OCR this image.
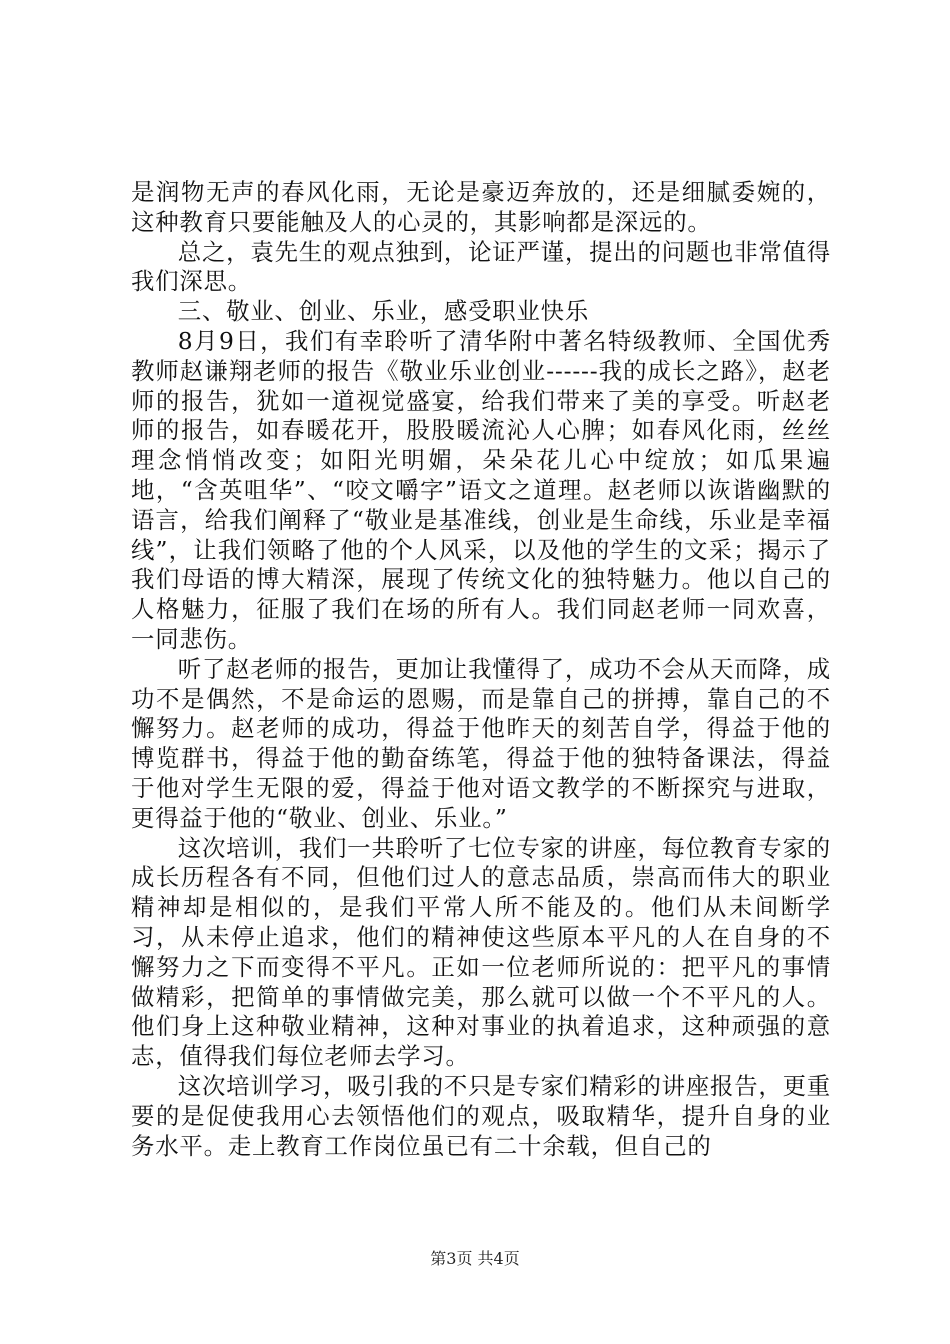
是润物无声的春风化雨，无论是豪迈奔放的，还是细腻委婉的，这种教育只要能触及人的心灵的，其影响都是深远的。

总之，袁先生的观点独到，论证严谨，提出的问题也非常值得我们深思。

三、敬业、创业、乐业，感受职业快乐

8月9日，我们有幸聆听了清华附中著名特级教师、全国优秀教师赵谦翔老师的报告《敬业乐业创业------我的成长之路》，赵老师的报告，犹如一道视觉盛宴，给我们带来了美的享受。听赵老师的报告，如春暖花开，股股暖流沁人心脾；如春风化雨，丝丝理念悄悄改变；如阳光明媚，朵朵花儿心中绽放；如瓜果遍地，“含英咀华”、“咬文嚼字”语文之道理。赵老师以诙谐幽默的语言，给我们阐释了“敬业是基准线，创业是生命线，乐业是幸福线”，让我们领略了他的个人风采，以及他的学生的文采；揭示了我们母语的博大精深，展现了传统文化的独特魅力。他以自己的人格魅力，征服了我们在场的所有人。我们同赵老师一同欢喜，一同悲伤。

听了赵老师的报告，更加让我懂得了，成功不会从天而降，成功不是偶然，不是命运的恩赐，而是靠自己的拼搏，靠自己的不懈努力。赵老师的成功，得益于他昨天的刻苦自学，得益于他的博览群书，得益于他的勤奋练笔，得益于他的独特备课法，得益于他对学生无限的爱，得益于他对语文教学的不断探究与进取，更得益于他的“敬业、创业、乐业。”

这次培训，我们一共聆听了七位专家的讲座，每位教育专家的成长历程各有不同，但他们过人的意志品质，崇高而伟大的职业精神却是相似的，是我们平常人所不能及的。他们从未间断学习，从未停止追求，他们的精神使这些原本平凡的人在自身的不懈努力之下而变得不平凡。正如一位老师所说的：把平凡的事情做精彩，把简单的事情做完美，那么就可以做一个不平凡的人。他们身上这种敬业精神，这种对事业的执着追求，这种顽强的意志，值得我们每位老师去学习。

这次培训学习，吸引我的不只是专家们精彩的讲座报告，更重要的是促使我用心去领悟他们的观点，吸取精华，提升自身的业务水平。走上教育工作岗位虽已有二十余载，但自己的

第3页 共4页
